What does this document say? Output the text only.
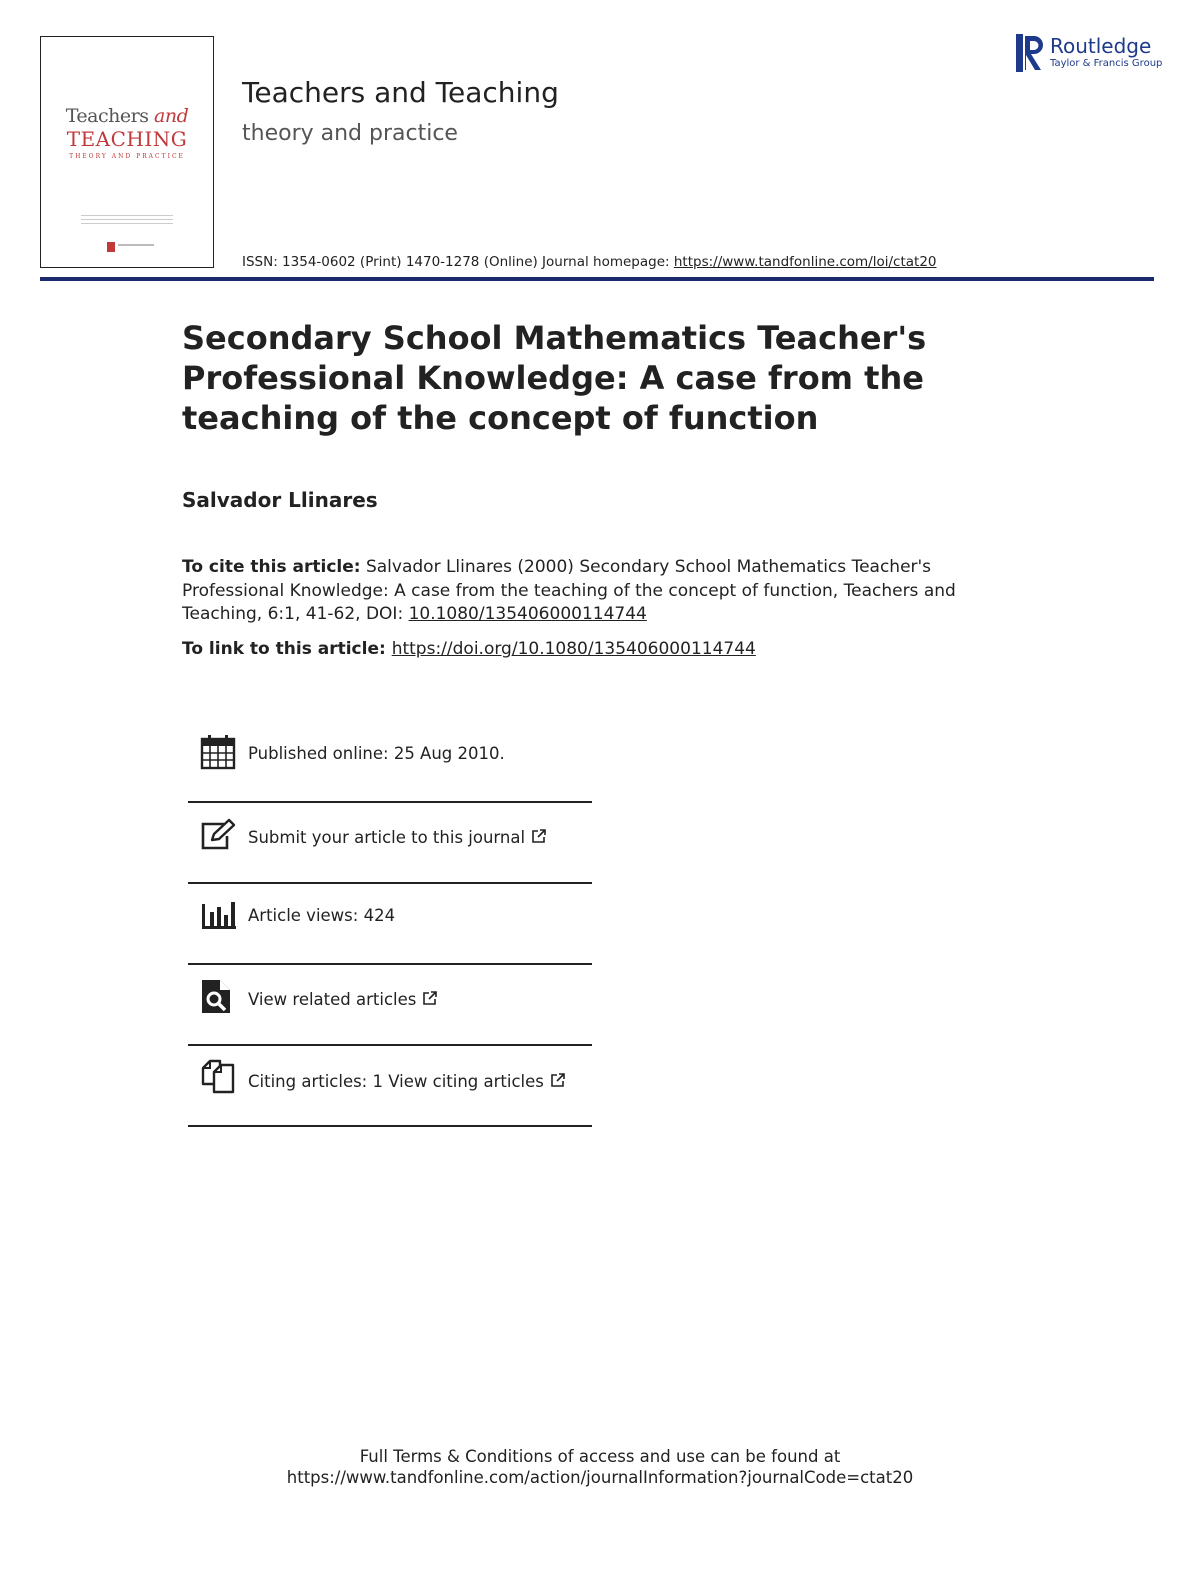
Teachers and
TEACHING
THEORY AND PRACTICE
Teachers and Teaching
theory and practice
ISSN: 1354-0602 (Print) 1470-1278 (Online) Journal homepage: https://www.tandfonline.com/loi/ctat20
Routledge
Taylor & Francis Group
Secondary School Mathematics Teacher's Professional Knowledge: A case from the teaching of the concept of function
Salvador Llinares
To cite this article: Salvador Llinares (2000) Secondary School Mathematics Teacher's Professional Knowledge: A case from the teaching of the concept of function, Teachers and Teaching, 6:1, 41-62, DOI: 10.1080/135406000114744
To link to this article: https://doi.org/10.1080/135406000114744
Published online: 25 Aug 2010.
Submit your article to this journal
Article views: 424
View related articles
Citing articles: 1 View citing articles
Full Terms & Conditions of access and use can be found at
https://www.tandfonline.com/action/journalInformation?journalCode=ctat20
